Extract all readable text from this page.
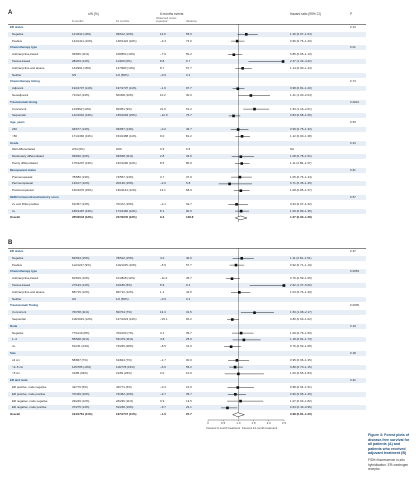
A	n/N (%)	6 months events	Hazard ratio (95% CI)	P
6 months	12 months
Observed minus expected	Variance
ER status	0·13
Negative	121/632 (19%)	99/612 (16%)	12·6	55·0	1·26 (0·97–1·64)
Positive	144/1411 (10%)	148/1422 (10%)	−3·3	73·0	0·96 (0·76–1·20)
Chemotherapy type	0·01
Anthracycline-based	93/845 (11%)	108/854 (13%)	−7·9	50·2	0·85 (0·65–1·13)
Taxane-based	28/203 (14%)	11/200 (6%)	8·8	9·7	2·47 (1·33–4·62)
Anthracycline and taxane	144/991 (15%)	127/983 (13%)	8·7	67·7	1·14 (0·90–1·44)
Neither	0/3	1/2 (50%)	−0·6	0·2
Chemotherapy timing	0·74
Adjuvant	194/1737 (11%)	197/1737 (11%)	−1·6	97·7	0·98 (0·81–1·20)
Neoadjuvant	71/312 (23%)	50/308 (16%)	10·2	30·0	1·41 (1·00–2·04)
Trastuzumab timing	0·0001
Concurrent	123/952 (13%)	82/951 (9%)	21·0	51·2	1·53 (1·16–2·01)
Sequential	142/1091 (13%)	165/1093 (15%)	−12·9	76·7	0·84 (0·68–1·06)
Age, years	0·53
≤50	94/677 (14%)	93/657 (14%)	−0·2	46·7	0·99 (0·75–1·33)
>50	171/1366 (13%)	154/1388 (11%)	9·0	81·2	1·12 (0·90–1·38)
Grade	0·44
Well differentiated	2/34 (6%)	0/29	0·9	0·5	NA
Moderately differentiated	69/660 (10%)	69/638 (11%)	2·8	34·5	1·08 (0·78–1·51)
Poorly differentiated	175/1297 (13%)	152/1290 (12%)	8·5	80·9	1·11 (0·89–1·37)
Menopausal status	0·61
Premenopausal	78/580 (13%)	74/557 (13%)	3·7	37·9	1·05 (0·76–1·44)
Perimenopausal	13/107 (12%)	20/136 (15%)	−2·0	5·8	0·71 (0·35–1·45)
Postmenopausal	160/1070 (15%)	136/1144 (12%)	13·1	68·9	1·08 (0·85–1·37)
HER2 immunohistochemistry score	0·57
2+ and FISH-positive	61/457 (13%)	70/472 (15%)	−2·1	32·7	0·94 (0·67–1·32)
3+	189/1487 (13%)	173/1460 (12%)	8·1	90·5	1·09 (0·89–1·35)
Overall	265/2043 (13%)	247/2045 (12%)	9·3	128·8	1·07 (0·90–1·28)
B
ER status	0·37
Negative	82/534 (15%)	78/522 (15%)	4·0	40·0	1·11 (0·81–1·51)
Positive	112/1227 (9%)	119/1225 (10%)	−5·9	57·7	0·92 (0·71–1·19)
Chemotherapy type	0·0053
Anthracycline-based	81/819 (10%)	101/828 (12%)	−11·0	45·7	0·79 (0·59–1·05)
Taxane-based	27/193 (14%)	10/186 (5%)	8·9	9·2	2·62 (1·37–5·00)
Anthracycline and taxane	86/715 (12%)	84/712 (12%)	1·1	42·5	1·03 (0·76–1·39)
Neither	0/2	1/2 (50%)	−0·6	0·2
Trastuzumab Timing	0·0005
Concurrent	76/708 (11%)	50/704 (7%)	13·4	31·5	1·53 (1·08–2·17)
Sequential	118/1023 (12%)	147/1023 (14%)	−15·1	66·2	0·80 (0·63–1·02)
Node	0·19
Negative	77/1019 (8%)	70/1003 (7%)	3·1	36·7	1·09 (0·79–1·50)
1–3	55/508 (11%)	53/479 (11%)	4·8	25·9	1·18 (0·81–1·73)
4+	51/211 (24%)	74/265 (28%)	−8·5	31·0	0·76 (0·53–1·08)
Size	0·18
≤2 cm	58/867 (7%)	61/824 (7%)	−1·7	30·0	0·95 (0·66–1·35)
>2–5 cm	105/785 (13%)	116/778 (15%)	−6·6	55·2	0·89 (0·70–1·15)
>5 cm	31/85 (36%)	21/82 (26%)	0·0	10·9	1·00 (0·55–1·84)
ER and node	0·42
ER positive, node negative	42/770 (5%)	43/771 (6%)	−0·4	21·6	0·98 (0·64–1·51)
ER positive, node positive	70/449 (16%)	74/452 (16%)	−3·7	35·7	0·90 (0·65–1·25)
ER negative, node negative	29/249 (12%)	26/236 (11%)	0·9	13·5	1·07 (0·63–1·82)
ER negative, node positive	37/275 (13%)	51/268 (19%)	−9·7	22·1	0·64 (0·43–0·96)
Overall	194/1761 (11%)	197/1747 (11%)	−1·6	97·7	0·98 (0·81–1·20)
0	0·5	1·0	1·5	2·0	2·5
Favours 6-month treatment Favours 12-month treatment
Figure 3: Forest plots of disease-free survival for all patients (A) and patients who received adjuvant treatment (B)
FISH=fluorescence in-situ hybridisation. ER=oestrogen receptor.
